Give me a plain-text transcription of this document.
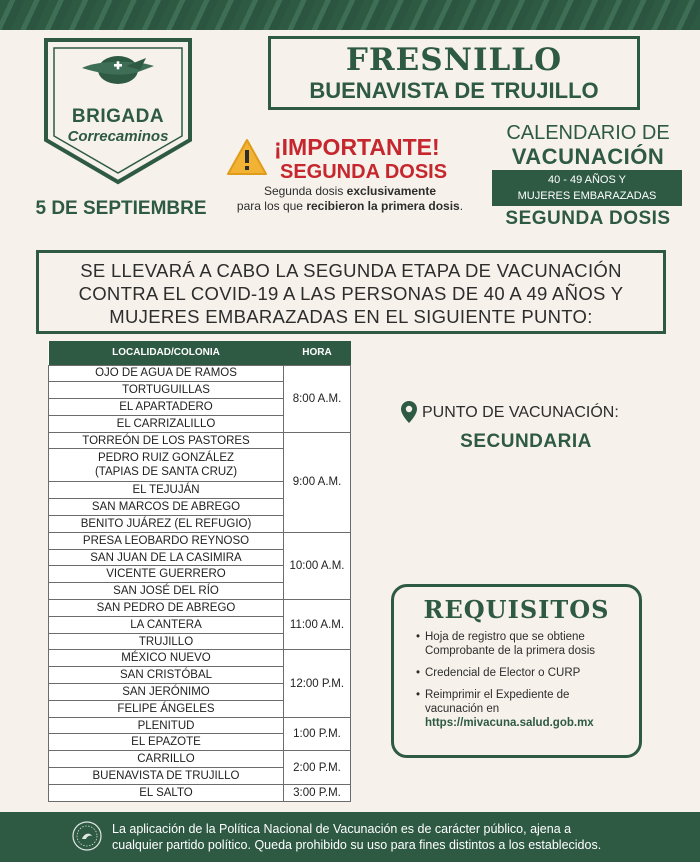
BRIGADA
Correcaminos
5 DE SEPTIEMBRE
FRESNILLO
BUENAVISTA DE TRUJILLO
¡IMPORTANTE!
SEGUNDA DOSIS
Segunda dosis exclusivamente
para los que recibieron la primera dosis.
CALENDARIO DE
VACUNACIÓN
40 - 49 AÑOS Y
MUJERES EMBARAZADAS
SEGUNDA DOSIS
SE LLEVARÁ A CABO LA SEGUNDA ETAPA DE VACUNACIÓN
CONTRA EL COVID-19 A LAS PERSONAS DE 40 A 49 AÑOS Y
MUJERES EMBARAZADAS EN EL SIGUIENTE PUNTO:
LOCALIDAD/COLONIA	HORA
OJO DE AGUA DE RAMOS	8:00 A.M.
TORTUGUILLAS	
EL APARTADERO	
EL CARRIZALILLO	
TORREÓN DE LOS PASTORES	9:00 A.M.
PEDRO RUIZ GONZÁLEZ
(TAPIAS DE SANTA CRUZ)	
EL TEJUJÁN	
SAN MARCOS DE ABREGO	
BENITO JUÁREZ (EL REFUGIO)	
PRESA LEOBARDO REYNOSO	10:00 A.M.
SAN JUAN DE LA CASIMIRA	
VICENTE GUERRERO	
SAN JOSÉ DEL RÍO	
SAN PEDRO DE ABREGO	11:00 A.M.
LA CANTERA	
TRUJILLO	
MÉXICO NUEVO	12:00 P.M.
SAN CRISTÓBAL	
SAN JERÓNIMO	
FELIPE ÁNGELES	
PLENITUD	1:00 P.M.
EL EPAZOTE	
CARRILLO	2:00 P.M.
BUENAVISTA DE TRUJILLO	
EL SALTO	3:00 P.M.
PUNTO DE VACUNACIÓN:
SECUNDARIA
REQUISITOS
• Hoja de registro que se obtiene
Comprobante de la primera dosis
• Credencial de Elector o CURP
• Reimprimir el Expediente de
vacunación en
https://mivacuna.salud.gob.mx
La aplicación de la Política Nacional de Vacunación es de carácter público, ajena a
cualquier partido político. Queda prohibido su uso para fines distintos a los establecidos.
